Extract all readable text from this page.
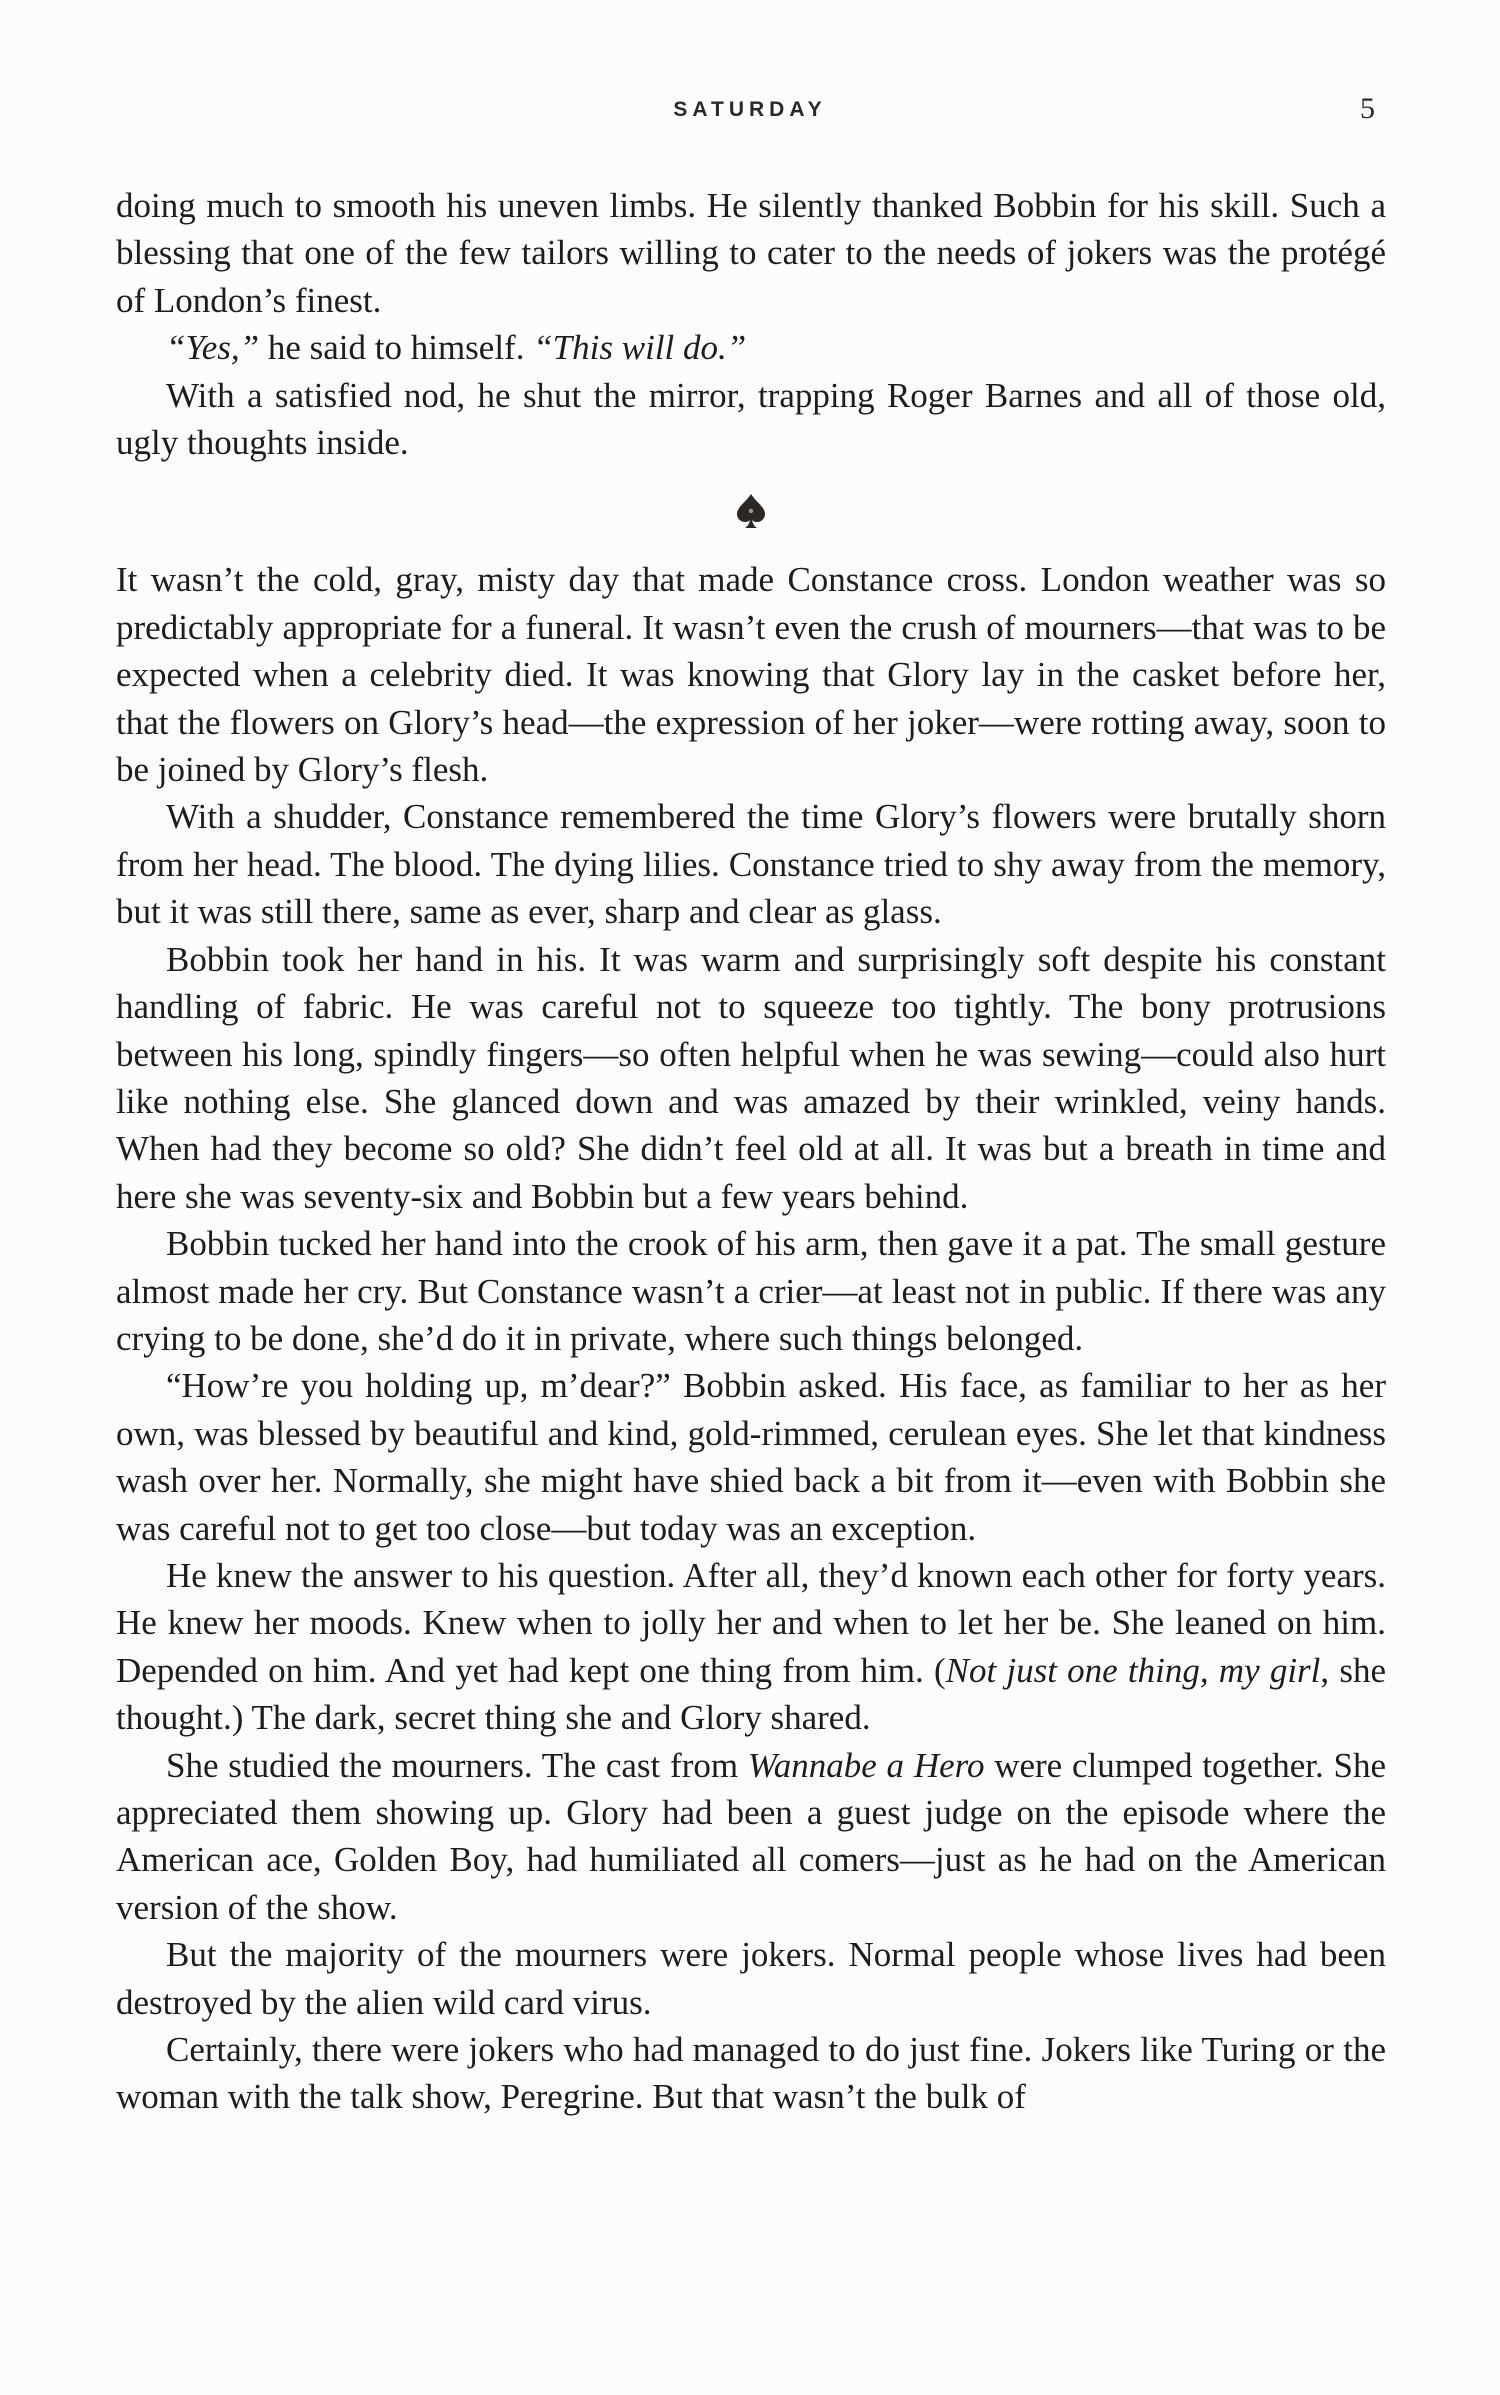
SATURDAY	5

doing much to smooth his uneven limbs. He silently thanked Bobbin for his skill. Such a blessing that one of the few tailors willing to cater to the needs of jokers was the protégé of London’s finest.

“Yes,” he said to himself. “This will do.”

With a satisfied nod, he shut the mirror, trapping Roger Barnes and all of those old, ugly thoughts inside.

It wasn’t the cold, gray, misty day that made Constance cross. London weather was so predictably appropriate for a funeral. It wasn’t even the crush of mourners—that was to be expected when a celebrity died. It was knowing that Glory lay in the casket before her, that the flowers on Glory’s head—the expression of her joker—were rotting away, soon to be joined by Glory’s flesh.

With a shudder, Constance remembered the time Glory’s flowers were brutally shorn from her head. The blood. The dying lilies. Constance tried to shy away from the memory, but it was still there, same as ever, sharp and clear as glass.

Bobbin took her hand in his. It was warm and surprisingly soft despite his constant handling of fabric. He was careful not to squeeze too tightly. The bony protrusions between his long, spindly fingers—so often helpful when he was sewing—could also hurt like nothing else. She glanced down and was amazed by their wrinkled, veiny hands. When had they become so old? She didn’t feel old at all. It was but a breath in time and here she was seventy-six and Bobbin but a few years behind.

Bobbin tucked her hand into the crook of his arm, then gave it a pat. The small gesture almost made her cry. But Constance wasn’t a crier—at least not in public. If there was any crying to be done, she’d do it in private, where such things belonged.

“How’re you holding up, m’dear?” Bobbin asked. His face, as familiar to her as her own, was blessed by beautiful and kind, gold-rimmed, cerulean eyes. She let that kindness wash over her. Normally, she might have shied back a bit from it—even with Bobbin she was careful not to get too close—but today was an exception.

He knew the answer to his question. After all, they’d known each other for forty years. He knew her moods. Knew when to jolly her and when to let her be. She leaned on him. Depended on him. And yet had kept one thing from him. (Not just one thing, my girl, she thought.) The dark, secret thing she and Glory shared.

She studied the mourners. The cast from Wannabe a Hero were clumped together. She appreciated them showing up. Glory had been a guest judge on the episode where the American ace, Golden Boy, had humiliated all comers—just as he had on the American version of the show.

But the majority of the mourners were jokers. Normal people whose lives had been destroyed by the alien wild card virus.

Certainly, there were jokers who had managed to do just fine. Jokers like Turing or the woman with the talk show, Peregrine. But that wasn’t the bulk of
